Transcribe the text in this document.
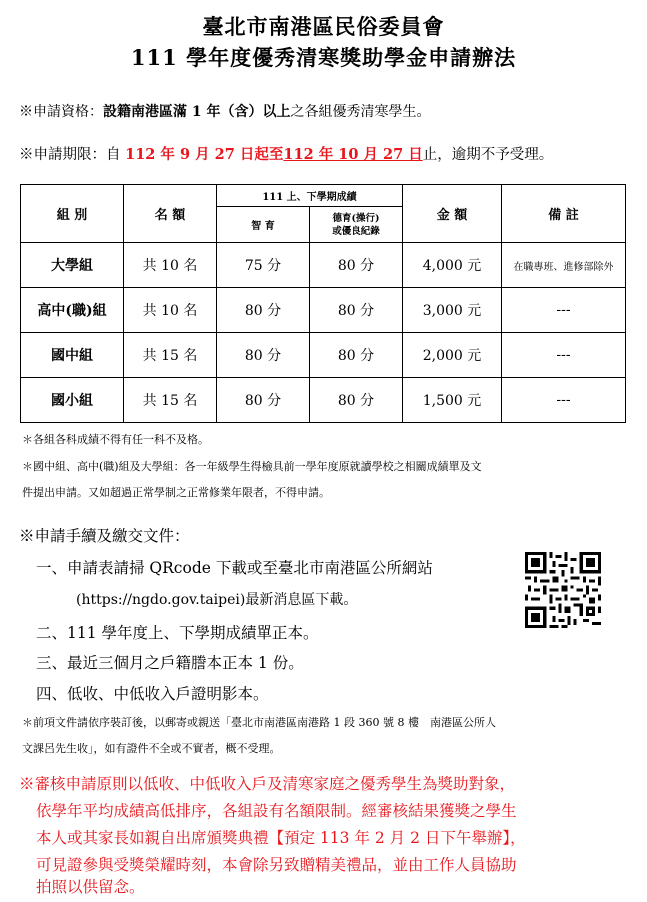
臺北市南港區民俗委員會
111 學年度優秀清寒獎助學金申請辦法
※申請資格：設籍南港區滿 1 年（含）以上之各組優秀清寒學生。
※申請期限：自 112 年 9 月 27 日起至112 年 10 月 27 日止，逾期不予受理。
組 別	名 額	111 上、下學期成績		金 額	備 註
		智 育	德育(操行)
或優良紀錄		

大學組	共 10 名	75 分	80 分	4,000 元	在職專班、進修部除外
高中(職)組	共 10 名	80 分	80 分	3,000 元	---
國中組	共 15 名	80 分	80 分	2,000 元	---
國小組	共 15 名	80 分	80 分	1,500 元	---
＊各組各科成績不得有任一科不及格。
＊國中組、高中(職)組及大學組：各一年級學生得檢具前一學年度原就讀學校之相關成績單及文
件提出申請。又如超過正常學制之正常修業年限者，不得申請。
※申請手續及繳交文件：
一、申請表請掃 QRcode 下載或至臺北市南港區公所網站
(https://ngdo.gov.taipei)最新消息區下載。
二、111 學年度上、下學期成績單正本。
三、最近三個月之戶籍謄本正本 1 份。
四、低收、中低收入戶證明影本。
＊前項文件請依序裝訂後，以郵寄或親送「臺北市南港區南港路 1 段 360 號 8 樓　南港區公所人
文課呂先生收」，如有證件不全或不實者，概不受理。
※審核申請原則以低收、中低收入戶及清寒家庭之優秀學生為獎助對象，
依學年平均成績高低排序，各組設有名額限制。經審核結果獲獎之學生
本人或其家長如親自出席頒獎典禮【預定 113 年 2 月 2 日下午舉辦】，
可見證參與受獎榮耀時刻，本會除另致贈精美禮品，並由工作人員協助
拍照以供留念。
